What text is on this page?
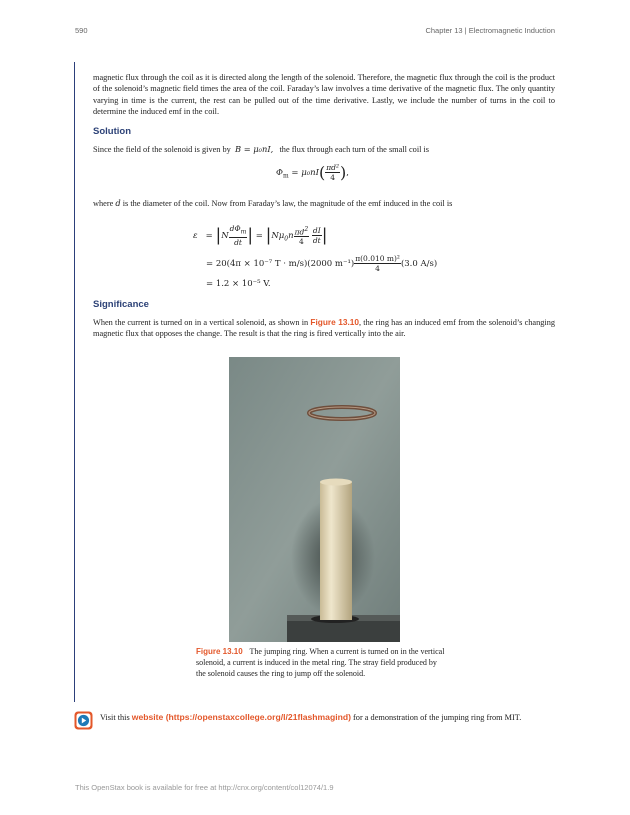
590	Chapter 13 | Electromagnetic Induction

magnetic flux through the coil as it is directed along the length of the solenoid. Therefore, the magnetic flux through the coil is the product of the solenoid’s magnetic field times the area of the coil. Faraday’s law involves a time derivative of the magnetic flux. The only quantity varying in time is the current, the rest can be pulled out of the time derivative. Lastly, we include the number of turns in the coil to determine the induced emf in the coil.

Solution
Since the field of the solenoid is given by B = μ₀nI, the flux through each turn of the small coil is
$\Phi_m = \mu_0nI( \frac{\text{πd²}}{4}$ ),
where d is the diameter of the coil. Now from Faraday’s law, the magnitude of the emf induced in the coil is
$\varepsilon = |N \frac{d\Phi_m}{dt}$ | = $|N\mu_0n \frac{\pi d^2}{4}$
$\frac{dI}{dt}$ |
= 20(4π × 10⁻⁷ T · m/s)(2000 $m^{-1}) \frac{\text{π(0.010 m)²}}{4} (3.0$ A/s)
= 1.2 × 10⁻⁵ V.
Significance

When the current is turned on in a vertical solenoid, as shown in Figure 13.10, the ring has an induced emf from the solenoid’s changing magnetic flux that opposes the change. The result is that the ring is fired vertically into the air.

Figure 13.10 The jumping ring. When a current is turned on in the vertical solenoid, a current is induced in the metal ring. The stray field produced by the solenoid causes the ring to jump off the solenoid.
Visit this website (https://openstaxcollege.org/l/21flashmagind) for a demonstration of the jumping ring from MIT.
This OpenStax book is available for free at http://cnx.org/content/col12074/1.9
